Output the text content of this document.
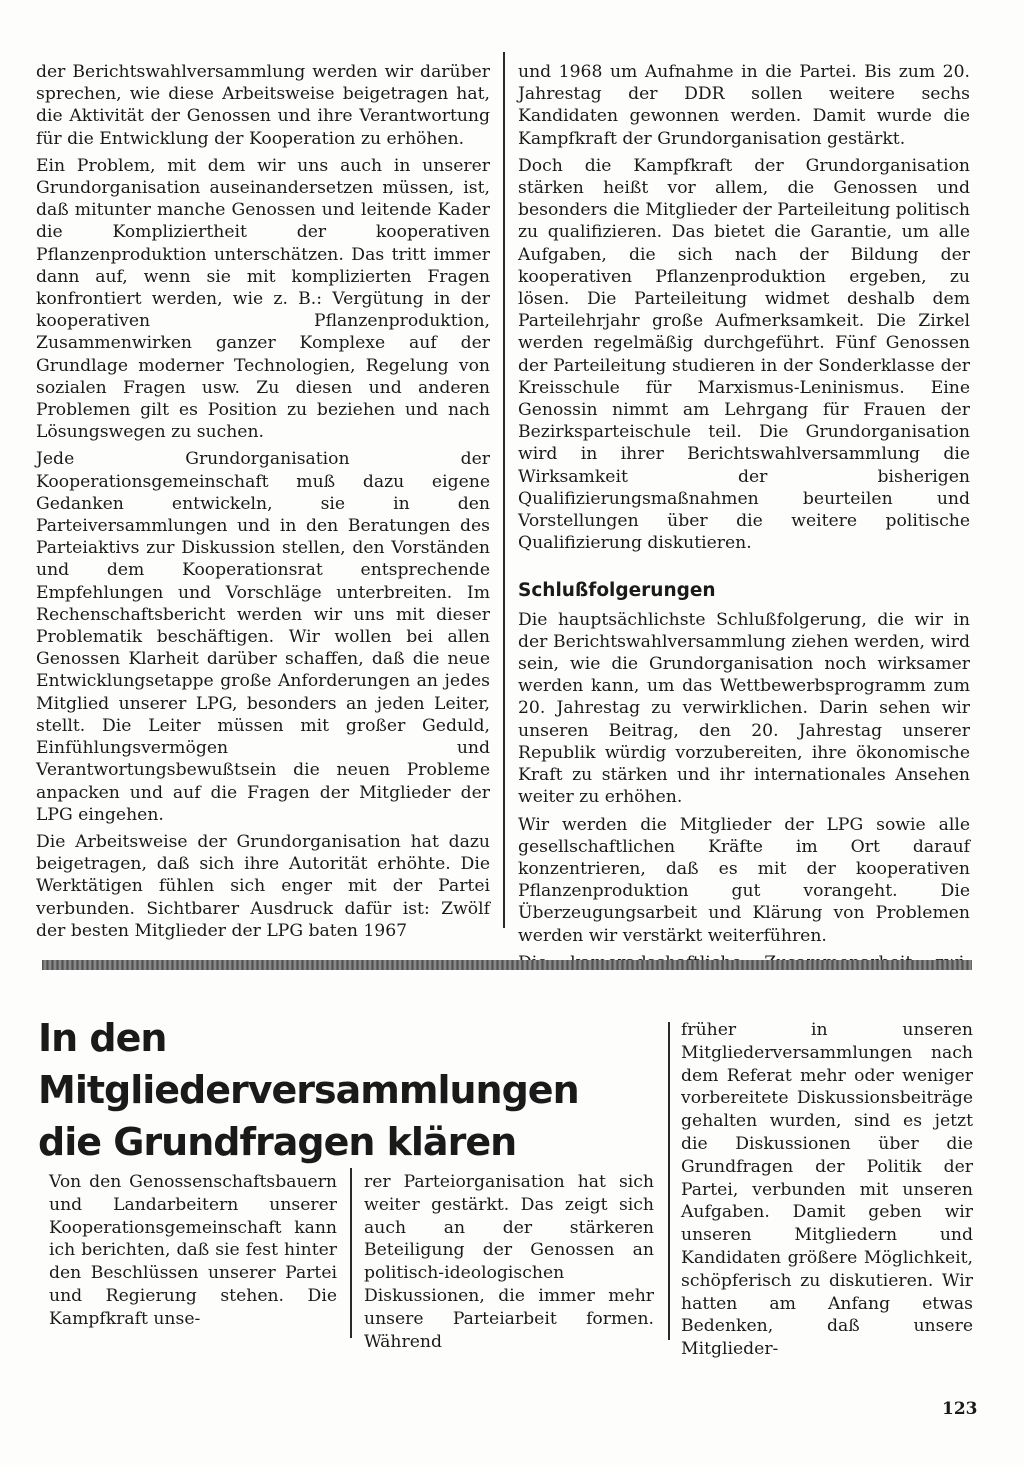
der Berichtswahlversammlung werden wir darüber sprechen, wie diese Arbeitsweise beigetragen hat, die Aktivität der Genossen und ihre Verantwortung für die Entwicklung der Kooperation zu erhöhen.

Ein Problem, mit dem wir uns auch in unserer Grundorganisation auseinandersetzen müssen, ist, daß mitunter manche Genossen und leitende Kader die Kompliziertheit der kooperativen Pflanzenproduktion unterschätzen. Das tritt immer dann auf, wenn sie mit komplizierten Fragen konfrontiert werden, wie z. B.: Vergütung in der kooperativen Pflanzenproduktion, Zusammenwirken ganzer Komplexe auf der Grundlage moderner Technologien, Regelung von sozialen Fragen usw. Zu diesen und anderen Problemen gilt es Position zu beziehen und nach Lösungswegen zu suchen.

Jede Grundorganisation der Kooperationsgemeinschaft muß dazu eigene Gedanken entwickeln, sie in den Parteiversammlungen und in den Beratungen des Parteiaktivs zur Diskussion stellen, den Vorständen und dem Kooperationsrat entsprechende Empfehlungen und Vorschläge unterbreiten. Im Rechenschaftsbericht werden wir uns mit dieser Problematik beschäftigen. Wir wollen bei allen Genossen Klarheit darüber schaffen, daß die neue Entwicklungsetappe große Anforderungen an jedes Mitglied unserer LPG, besonders an jeden Leiter, stellt. Die Leiter müssen mit großer Geduld, Einfühlungsvermögen und Verantwortungsbewußtsein die neuen Probleme anpacken und auf die Fragen der Mitglieder der LPG eingehen.

Die Arbeitsweise der Grundorganisation hat dazu beigetragen, daß sich ihre Autorität erhöhte. Die Werktätigen fühlen sich enger mit der Partei verbunden. Sichtbarer Ausdruck dafür ist: Zwölf der besten Mitglieder der LPG baten 1967

und 1968 um Aufnahme in die Partei. Bis zum 20. Jahrestag der DDR sollen weitere sechs Kandidaten gewonnen werden. Damit wurde die Kampfkraft der Grundorganisation gestärkt.

Doch die Kampfkraft der Grundorganisation stärken heißt vor allem, die Genossen und besonders die Mitglieder der Parteileitung politisch zu qualifizieren. Das bietet die Garantie, um alle Aufgaben, die sich nach der Bildung der kooperativen Pflanzenproduktion ergeben, zu lösen. Die Parteileitung widmet deshalb dem Parteilehrjahr große Aufmerksamkeit. Die Zirkel werden regelmäßig durchgeführt. Fünf Genossen der Parteileitung studieren in der Sonderklasse der Kreisschule für Marxismus-Leninismus. Eine Genossin nimmt am Lehrgang für Frauen der Bezirksparteischule teil. Die Grundorganisation wird in ihrer Berichtswahlversammlung die Wirksamkeit der bisherigen Qualifizierungsmaßnahmen beurteilen und Vorstellungen über die weitere politische Qualifizierung diskutieren.

Schlußfolgerungen

Die hauptsächlichste Schlußfolgerung, die wir in der Berichtswahlversammlung ziehen werden, wird sein, wie die Grundorganisation noch wirksamer werden kann, um das Wettbewerbsprogramm zum 20. Jahrestag zu verwirklichen. Darin sehen wir unseren Beitrag, den 20. Jahrestag unserer Republik würdig vorzubereiten, ihre ökonomische Kraft zu stärken und ihr internationales Ansehen weiter zu erhöhen.

Wir werden die Mitglieder der LPG sowie alle gesellschaftlichen Kräfte im Ort darauf konzentrieren, daß es mit der kooperativen Pflanzenproduktion gut vorangeht. Die Überzeugungsarbeit und Klärung von Problemen werden wir verstärkt weiterführen.

In den Mitgliederversammlungen
die Grundfragen klären

Von den Genossenschaftsbauern und Landarbeitern unserer Kooperationsgemeinschaft kann ich berichten, daß sie fest hinter den Beschlüssen unserer Partei und Regierung stehen. Die Kampfkraft unse-

rer Parteiorganisation hat sich weiter gestärkt. Das zeigt sich auch an der stärkeren Beteiligung der Genossen an politisch-ideologischen Diskussionen, die immer mehr unsere Parteiarbeit formen. Während

früher in unseren Mitgliederversammlungen nach dem Referat mehr oder weniger vorbereitete Diskussionsbeiträge gehalten wurden, sind es jetzt die Diskussionen über die Grundfragen der Politik der Partei, verbunden mit unseren Aufgaben. Damit geben wir unseren Mitgliedern und Kandidaten größere Möglichkeit, schöpferisch zu diskutieren. Wir hatten am Anfang etwas Bedenken, daß unsere Mitglieder-

123
